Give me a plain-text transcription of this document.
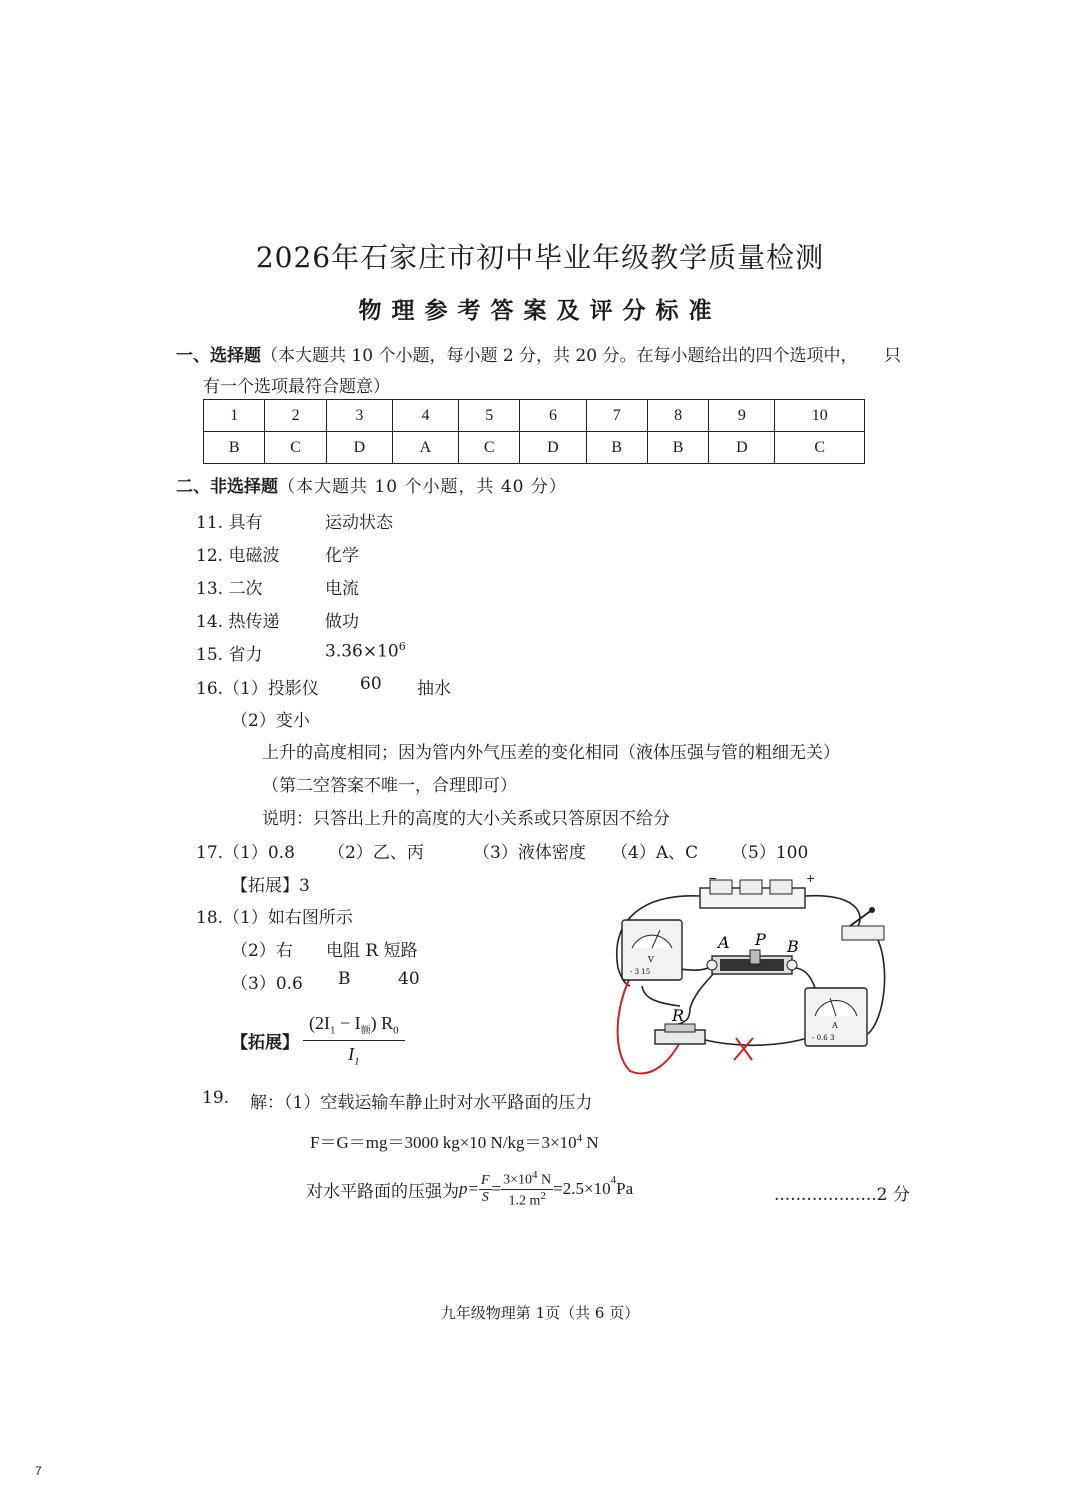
2026年石家庄市初中毕业年级教学质量检测
物理参考答案及评分标准
一、选择题（本大题共 10 个小题，每小题 2 分，共 20 分。在每小题给出的四个选项中， 只
有一个选项最符合题意）
1	2	3	4	5	6	7	8	9	10
B	C	D	A	C	D	B	B	D	C
二、非选择题（本大题共 10 个小题，共 40 分）
11. 具有	运动状态
12. 电磁波	化学
13. 二次	电流
14. 热传递	做功
15. 省力	$3.36\times 10^6$
16.（1）投影仪 60 抽水
（2）变小
上升的高度相同；因为管内外气压差的变化相同（液体压强与管的粗细无关）
（第二空答案不唯一，合理即可）
说明：只答出上升的高度的大小关系或只答原因不给分
17.（1）0.8 （2）乙、丙	（3）液体密度 （4）A、C （5）100
【拓展】3
18.（1）如右图所示
（2）右 电阻 R 短路
（3）0.6 B	40
【拓展】 $\frac{(2I_1 - I_额) R_0}{I_1}$
−	+
V
- 3 15
A P B
R
A
- 0.6 3
19. 解：（1）空载运输车静止时对水平路面的压力
F＝G＝mg＝3000 kg×10 $N/kg=3\times 10^4$ N
对水平路面的压强为 $p= \frac{F}{S} = \frac{3\times 10^4 N}{1.2 m^2} =2.5\times 10^4$ Pa	...................2 分
九年级物理第 1页（共 6 页）
7
